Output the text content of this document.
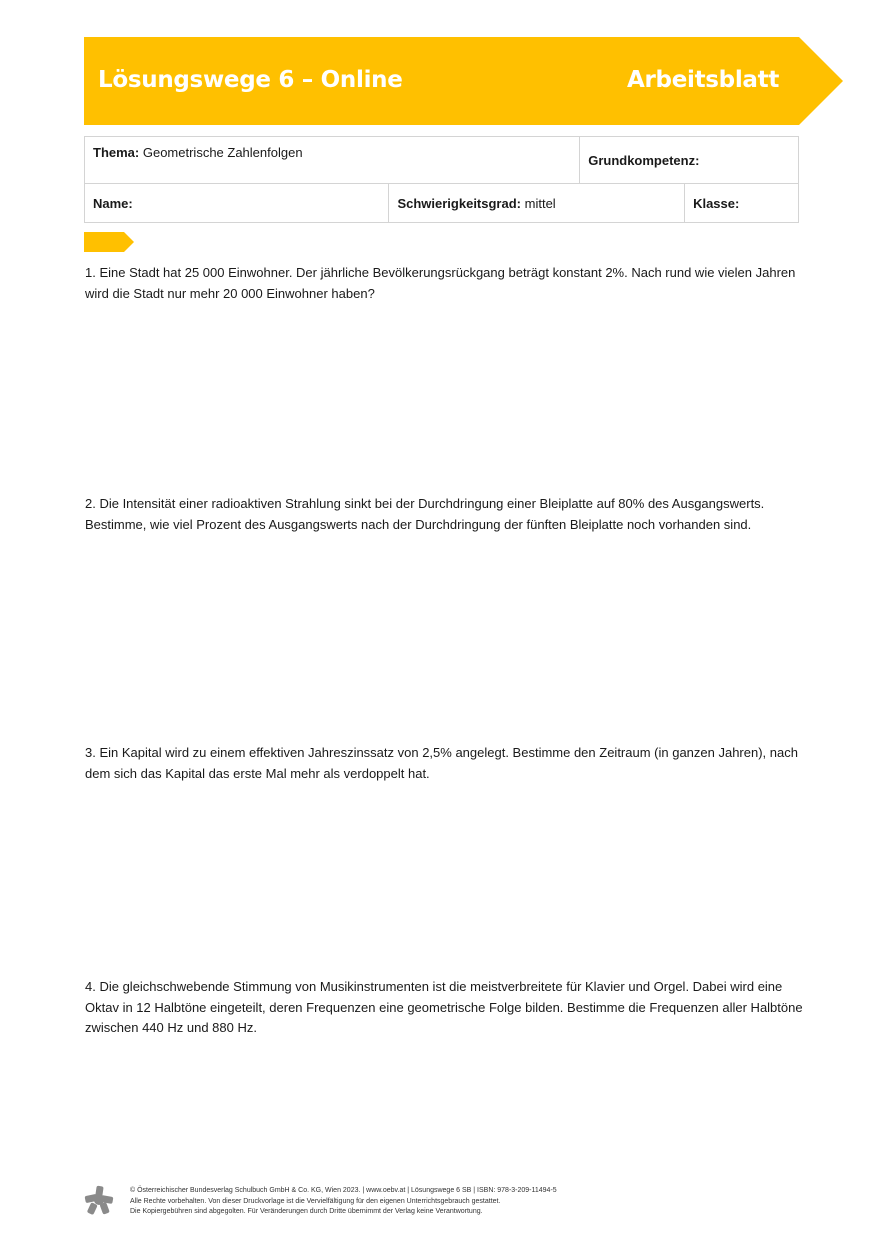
Lösungswege 6 – Online	Arbeitsblatt
Thema: Geometrische Zahlenfolgen		Grundkompetenz:	
Name:	Schwierigkeitsgrad: mittel		Klasse:
1. Eine Stadt hat 25 000 Einwohner. Der jährliche Bevölkerungsrückgang beträgt konstant 2%. Nach rund wie vielen Jahren
wird die Stadt nur mehr 20 000 Einwohner haben?
2. Die Intensität einer radioaktiven Strahlung sinkt bei der Durchdringung einer Bleiplatte auf 80% des Ausgangswerts.
Bestimme, wie viel Prozent des Ausgangswerts nach der Durchdringung der fünften Bleiplatte noch vorhanden sind.
3. Ein Kapital wird zu einem effektiven Jahreszinssatz von 2,5% angelegt. Bestimme den Zeitraum (in ganzen Jahren), nach
dem sich das Kapital das erste Mal mehr als verdoppelt hat.
4. Die gleichschwebende Stimmung von Musikinstrumenten ist die meistverbreitete für Klavier und Orgel. Dabei wird eine
Oktav in 12 Halbtöne eingeteilt, deren Frequenzen eine geometrische Folge bilden. Bestimme die Frequenzen aller Halbtöne
zwischen 440 Hz und 880 Hz.
© Österreichischer Bundesverlag Schulbuch GmbH & Co. KG, Wien 2023. | www.oebv.at | Lösungswege 6 SB | ISBN: 978-3-209-11494-5
Alle Rechte vorbehalten. Von dieser Druckvorlage ist die Vervielfältigung für den eigenen Unterrichtsgebrauch gestattet.
Die Kopiergebühren sind abgegolten. Für Veränderungen durch Dritte übernimmt der Verlag keine Verantwortung.
